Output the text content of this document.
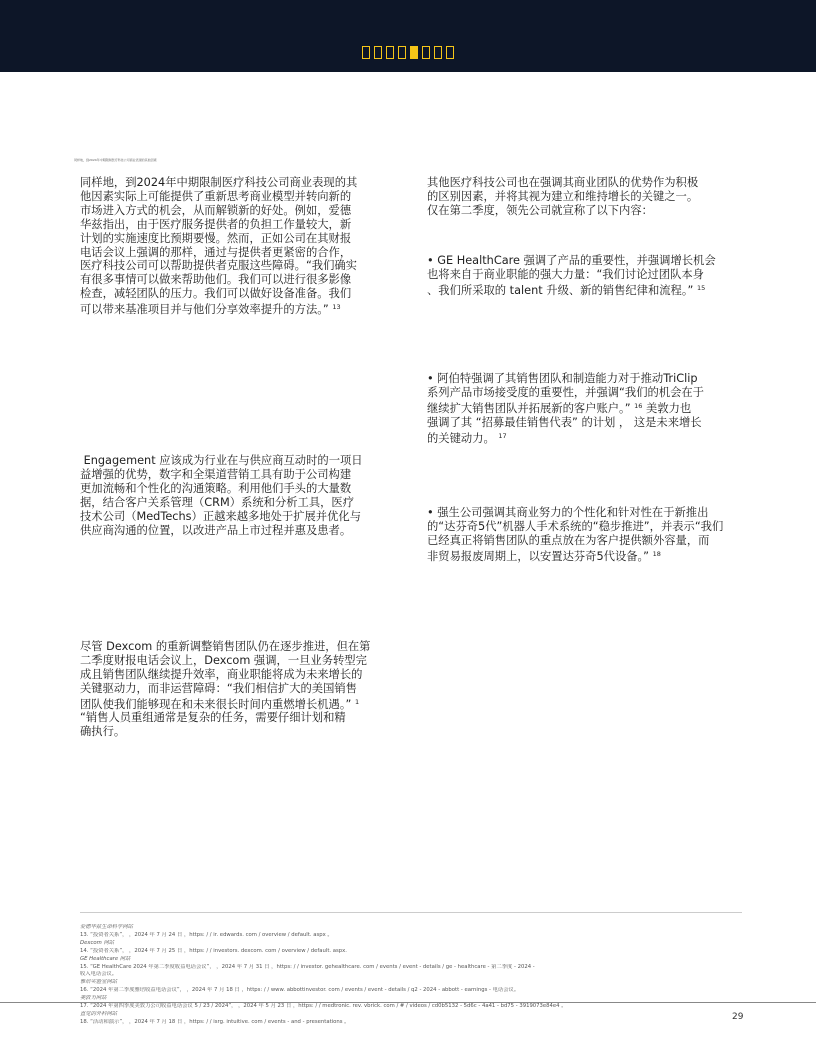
同样地，到2024年中期限制医疗科技公司商业表现的其他因素

同样地，到2024年中期限制医疗科技公司商业表现的其
他因素实际上可能提供了重新思考商业模型并转向新的
市场进入方式的机会，从而解锁新的好处。例如，爱德
华兹指出，由于医疗服务提供者的负担工作量较大，新
计划的实施速度比预期要慢。然而，正如公司在其财报
电话会议上强调的那样，通过与提供者更紧密的合作，
医疗科技公司可以帮助提供者克服这些障碍。“我们确实
有很多事情可以做来帮助他们。我们可以进行很多影像
检查，减轻团队的压力。我们可以做好设备准备。我们
可以带来基准项目并与他们分享效率提升的方法。” $^{13}$

Engagement 应该成为行业在与供应商互动时的一项日
益增强的优势，数字和全渠道营销工具有助于公司构建
更加流畅和个性化的沟通策略。利用他们手头的大量数
据，结合客户关系管理（CRM）系统和分析工具，医疗
技术公司（MedTechs）正越来越多地处于扩展并优化与
供应商沟通的位置，以改进产品上市过程并惠及患者。

尽管 Dexcom 的重新调整销售团队仍在逐步推进，但在第
二季度财报电话会议上，Dexcom 强调，一旦业务转型完
成且销售团队继续提升效率，商业职能将成为未来增长的
关键驱动力，而非运营障碍：“我们相信扩大的美国销售
团队使我们能够现在和未来很长时间内重燃增长机遇。” $^1$

“销售人员重组通常是复杂的任务，需要仔细计划和精
确执行。

其他医疗科技公司也在强调其商业团队的优势作为积极
的区别因素，并将其视为建立和维持增长的关键之一。
仅在第二季度，领先公司就宣称了以下内容：

• GE HealthCare 强调了产品的重要性，并强调增长机会
也将来自于商业职能的强大力量：“我们讨论过团队本身
、我们所采取的 talent 升级、新的销售纪律和流程。” $^{15}$

• 阿伯特强调了其销售团队和制造能力对于推动TriClip
系列产品市场接受度的重要性，并强调“我们的机会在于
继续扩大销售团队并拓展新的客户账户。” $^{16}$ 美敦力也
强调了其 “招募最佳销售代表” 的计划 ， 这是未来增长
的关键动力。 $^{17}$

• 强生公司强调其商业努力的个性化和针对性在于新推出
的“达芬奇5代”机器人手术系统的“稳步推进”，并表示“我们
已经真正将销售团队的重点放在为客户提供额外容量，而
非贸易报废周期上，以安置达芬奇5代设备。” $^{18}$

爱德华兹生命科学网站
13. “投资者关系”， ，2024 年 7 月 24 日 ，https: / / ir. edwards. com / overview / default. aspx 。
Dexcom 网站
14. “投资者关系”， ，2024 年 7 月 25 日 ，https: / / investors. dexcom. com / overview / default. aspx.
GE Healthcare 网站
15. “GE HealthCare 2024 年第二季度收益电话会议”， ，2024 年 7 月 31 日 ，https: / / investor. gehealthcare. com / events / event - details / ge - healthcare - 第二季度 - 2024 -
收入电话会议。
雅培实验室网站
16. “2024 年第二季度雅培收益电话会议”， ，2024 年 7 月 18 日 ，https: / / www. abbottinvestor. com / events / event - details / q2 - 2024 - abbott - earnings - 电话会议。
美敦力网站
17. “2024 年第四季度美敦力公司收益电话会议 5 / 23 / 2024”， ，2024 年 5 月 23 日 ，https: / / medtronic. rev. vbrick. com / # / videos / cd0b5132 - 5d6c - 4a41 - bd75 - 3919073e84e4 。
直觉的外科网站
18. “活动和演示”， ，2024 年 7 月 18 日 ，https: / / isrg. intuitive. com / events - and - presentations 。	29
